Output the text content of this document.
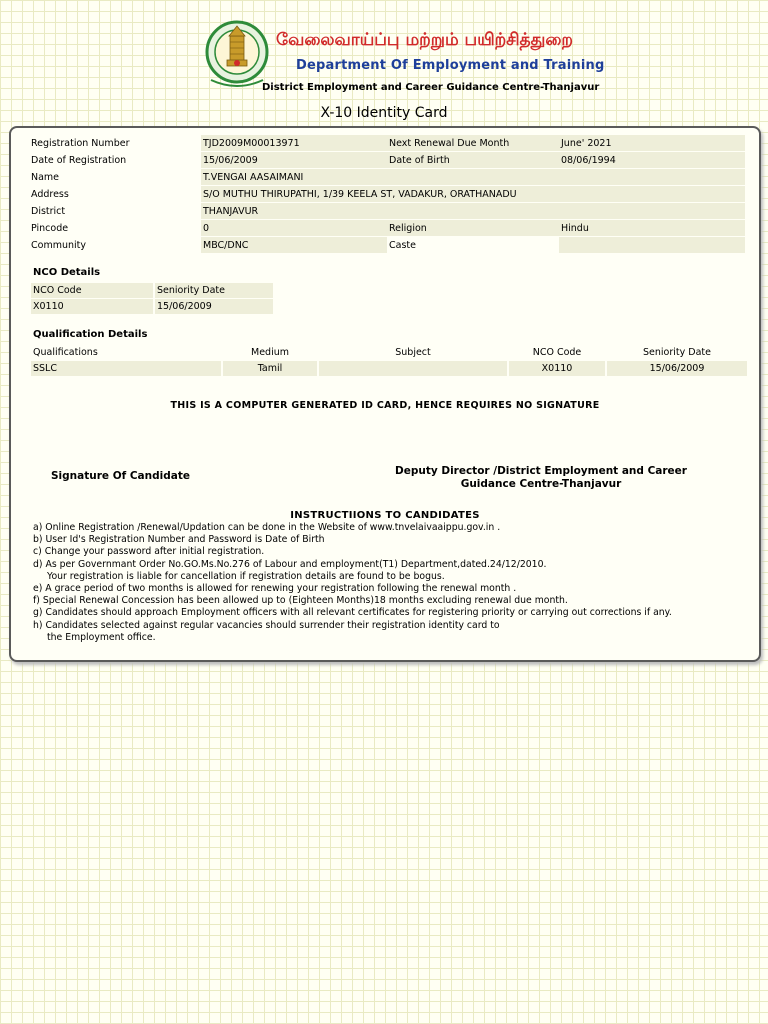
வேலைவாய்ப்பு மற்றும் பயிற்சித்துறை
Department Of Employment and Training
District Employment and Career Guidance Centre-Thanjavur
X-10 Identity Card
Registration Number	TJD2009M00013971	Next Renewal Due Month	June' 2021
Date of Registration	15/06/2009	Date of Birth	08/06/1994
Name	T.VENGAI AASAIMANI		
Address	S/O MUTHU THIRUPATHI, 1/39 KEELA ST, VADAKUR, ORATHANADU		
District	THANJAVUR		
Pincode	0	Religion	Hindu
Community	MBC/DNC	Caste	
NCO Details
NCO Code	Seniority Date
X0110	15/06/2009
Qualification Details
Qualifications	Medium	Subject	NCO Code	Seniority Date
SSLC	Tamil		X0110	15/06/2009
THIS IS A COMPUTER GENERATED ID CARD, HENCE REQUIRES NO SIGNATURE
Signature Of Candidate	Deputy Director /District Employment and Career
Guidance Centre-Thanjavur
INSTRUCTIIONS TO CANDIDATES
a) Online Registration /Renewal/Updation can be done in the Website of www.tnvelaivaaippu.gov.in .
b) User Id's Registration Number and Password is Date of Birth
c) Change your password after initial registration.
d) As per Governmant Order No.GO.Ms.No.276 of Labour and employment(T1) Department,dated.24/12/2010.
Your registration is liable for cancellation if registration details are found to be bogus.
e) A grace period of two months is allowed for renewing your registration following the renewal month .
f) Special Renewal Concession has been allowed up to (Eighteen Months)18 months excluding renewal due month.
g) Candidates should approach Employment officers with all relevant certificates for registering priority or carrying out corrections if any.
h) Candidates selected against regular vacancies should surrender their registration identity card to
the Employment office.
